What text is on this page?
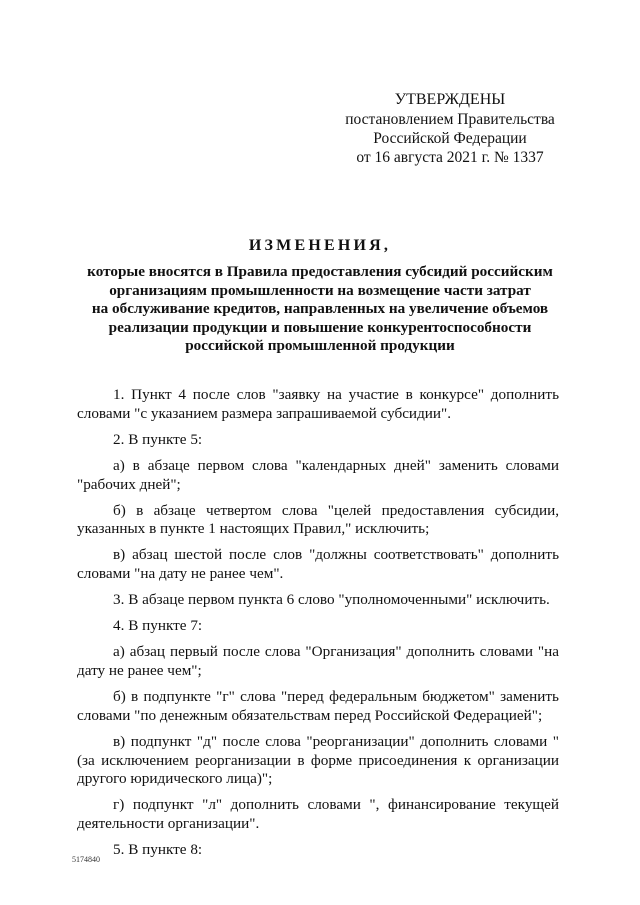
УТВЕРЖДЕНЫ
постановлением Правительства
Российской Федерации
от 16 августа 2021 г. № 1337
ИЗМЕНЕНИЯ,
которые вносятся в Правила предоставления субсидий российским
организациям промышленности на возмещение части затрат
на обслуживание кредитов, направленных на увеличение объемов
реализации продукции и повышение конкурентоспособности
российской промышленной продукции

1. Пункт 4 после слов "заявку на участие в конкурсе" дополнить словами "с указанием размера запрашиваемой субсидии".

2. В пункте 5:

а) в абзаце первом слова "календарных дней" заменить словами "рабочих дней";

б) в абзаце четвертом слова "целей предоставления субсидии, указанных в пункте 1 настоящих Правил," исключить;

в) абзац шестой после слов "должны соответствовать" дополнить словами "на дату не ранее чем".

3. В абзаце первом пункта 6 слово "уполномоченными" исключить.

4. В пункте 7:

а) абзац первый после слова "Организация" дополнить словами "на дату не ранее чем";

б) в подпункте "г" слова "перед федеральным бюджетом" заменить словами "по денежным обязательствам перед Российской Федерацией";

в) подпункт "д" после слова "реорганизации" дополнить словами "(за исключением реорганизации в форме присоединения к организации другого юридического лица)";

г) подпункт "л" дополнить словами ", финансирование текущей деятельности организации".

5. В пункте 8:

5174840
